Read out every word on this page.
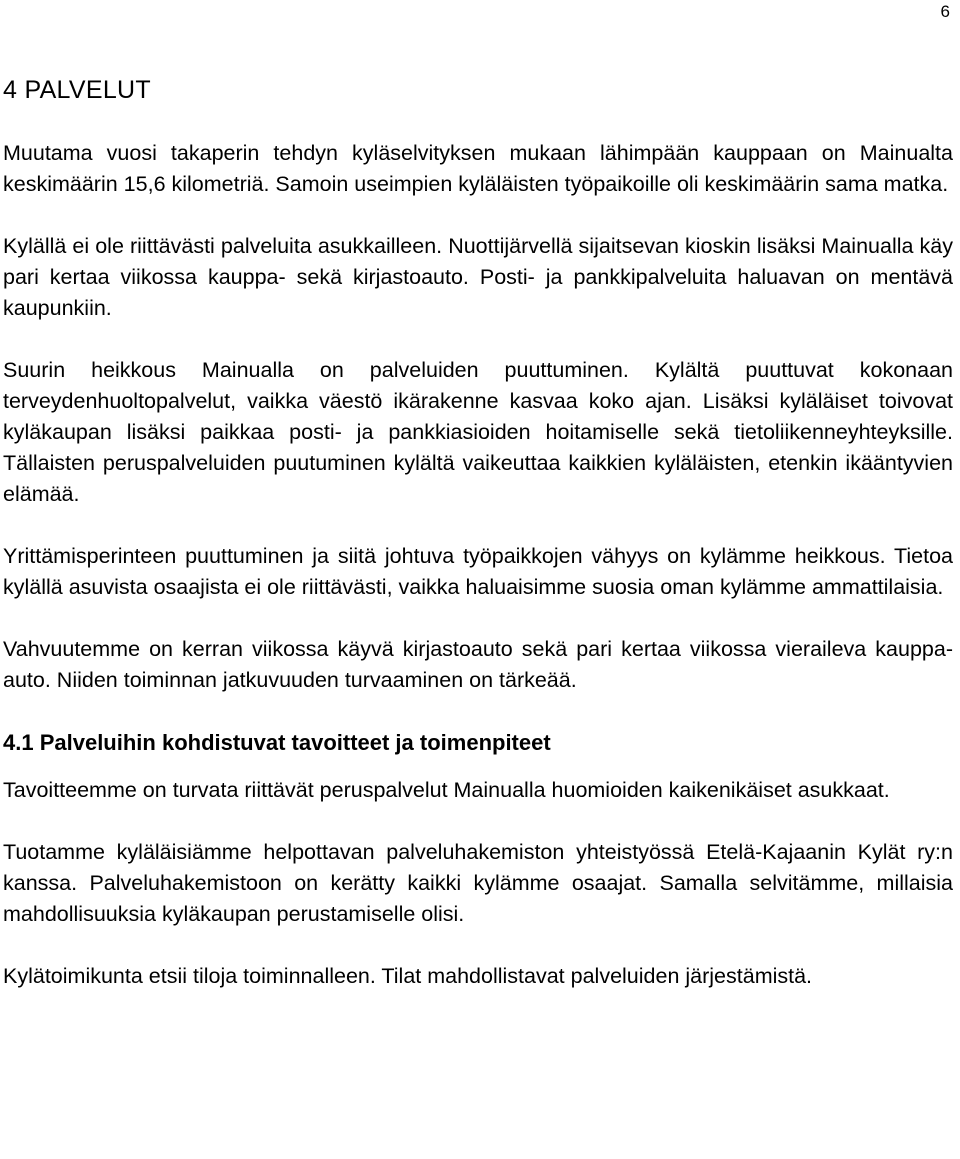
6
4 PALVELUT

Muutama vuosi takaperin tehdyn kyläselvityksen mukaan lähimpään kauppaan on Mainualta keskimäärin 15,6 kilometriä. Samoin useimpien kyläläisten työpaikoille oli keskimäärin sama matka.

Kylällä ei ole riittävästi palveluita asukkailleen. Nuottijärvellä sijaitsevan kioskin lisäksi Mainualla käy pari kertaa viikossa kauppa- sekä kirjastoauto. Posti- ja pankkipalveluita haluavan on mentävä kaupunkiin.

Suurin heikkous Mainualla on palveluiden puuttuminen. Kylältä puuttuvat kokonaan terveydenhuoltopalvelut, vaikka väestö ikärakenne kasvaa koko ajan. Lisäksi kyläläiset toivovat kyläkaupan lisäksi paikkaa posti- ja pankkiasioiden hoitamiselle sekä tietoliikenneyhteyksille. Tällaisten peruspalveluiden puutuminen kylältä vaikeuttaa kaikkien kyläläisten, etenkin ikääntyvien elämää.

Yrittämisperinteen puuttuminen ja siitä johtuva työpaikkojen vähyys on kylämme heikkous. Tietoa kylällä asuvista osaajista ei ole riittävästi, vaikka haluaisimme suosia oman kylämme ammattilaisia.

Vahvuutemme on kerran viikossa käyvä kirjastoauto sekä pari kertaa viikossa vieraileva kauppa-auto. Niiden toiminnan jatkuvuuden turvaaminen on tärkeää.

4.1 Palveluihin kohdistuvat tavoitteet ja toimenpiteet

Tavoitteemme on turvata riittävät peruspalvelut Mainualla huomioiden kaikenikäiset asukkaat.

Tuotamme kyläläisiämme helpottavan palveluhakemiston yhteistyössä Etelä-Kajaanin Kylät ry:n kanssa. Palveluhakemistoon on kerätty kaikki kylämme osaajat. Samalla selvitämme, millaisia mahdollisuuksia kyläkaupan perustamiselle olisi.

Kylätoimikunta etsii tiloja toiminnalleen. Tilat mahdollistavat palveluiden järjestämistä.
